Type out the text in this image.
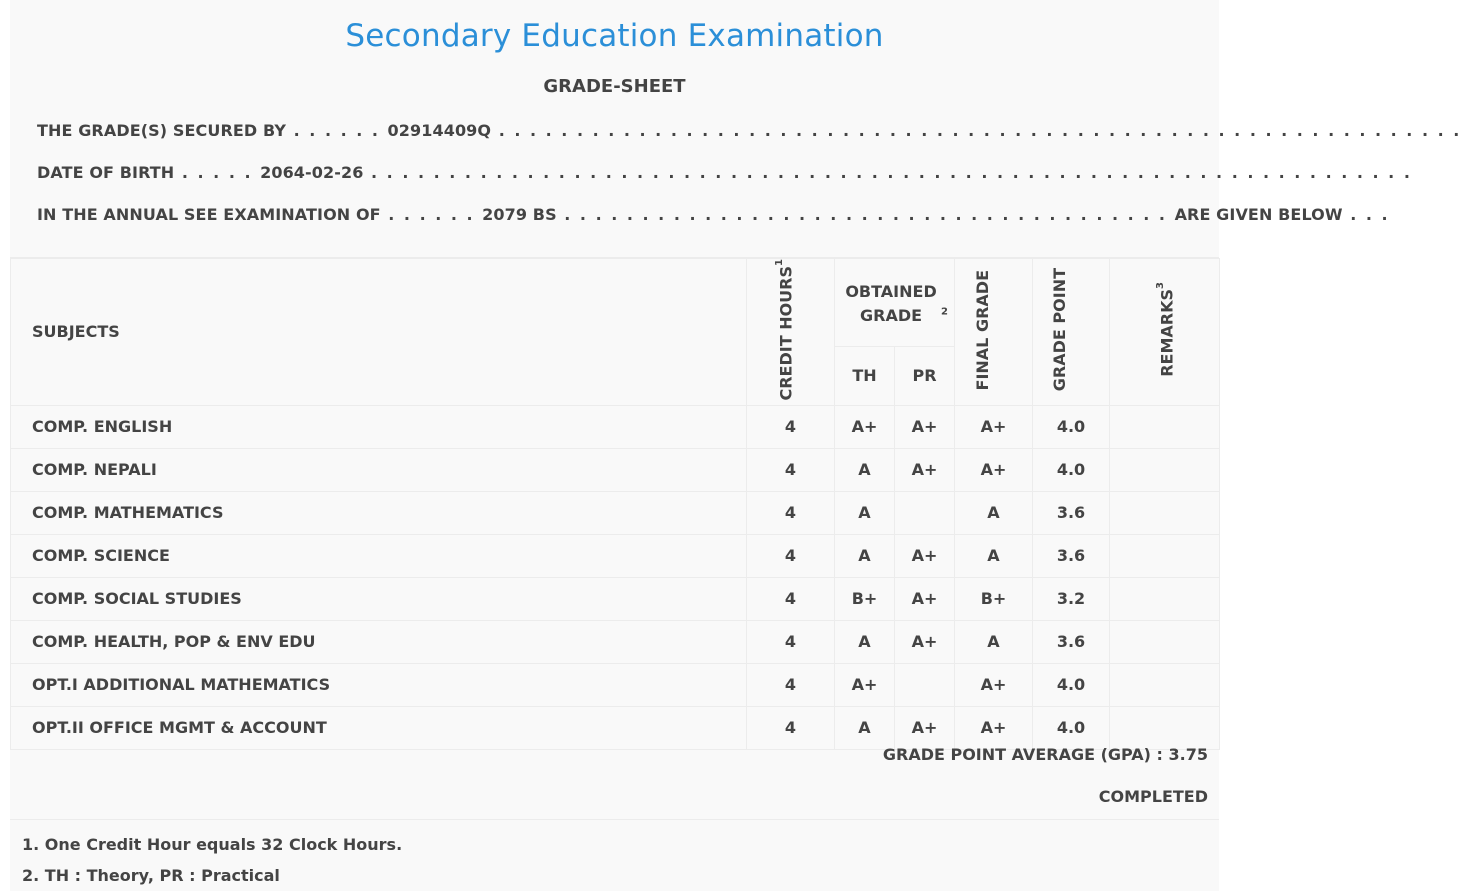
Secondary Education Examination
GRADE-SHEET
THE GRADE(S) SECURED BY . . . . . . 02914409Q . . . . . . . . . . . . . . . . . . . . . . . . . . . . . . . . . . . . . . . . . . . . . . . . . . . . . . . . . . . . . .
DATE OF BIRTH . . . . . 2064-02-26 . . . . . . . . . . . . . . . . . . . . . . . . . . . . . . . . . . . . . . . . . . . . . . . . . . . . . . . . . . . . . . . . . . .
IN THE ANNUAL SEE EXAMINATION OF . . . . . . 2079 BS . . . . . . . . . . . . . . . . . . . . . . . . . . . . . . . . . . . . . . . ARE GIVEN BELOW . . .
SUBJECTS	CREDIT HOURS$^1$	OBTAINED GRADE $^2$		FINAL GRADE	GRADE POINT	REMARKS$^3$
		TH	PR			
COMP. ENGLISH	4	A+	A+	A+	4.0	
COMP. NEPALI	4	A	A+	A+	4.0	
COMP. MATHEMATICS	4	A		A	3.6	
COMP. SCIENCE	4	A	A+	A	3.6	
COMP. SOCIAL STUDIES	4	B+	A+	B+	3.2	
COMP. HEALTH, POP & ENV EDU	4	A	A+	A	3.6	
OPT.I ADDITIONAL MATHEMATICS	4	A+		A+	4.0	
OPT.II OFFICE MGMT & ACCOUNT	4	A	A+	A+	4.0	
GRADE POINT AVERAGE (GPA) : 3.75
COMPLETED
1. One Credit Hour equals 32 Clock Hours.
2. TH : Theory, PR : Practical
